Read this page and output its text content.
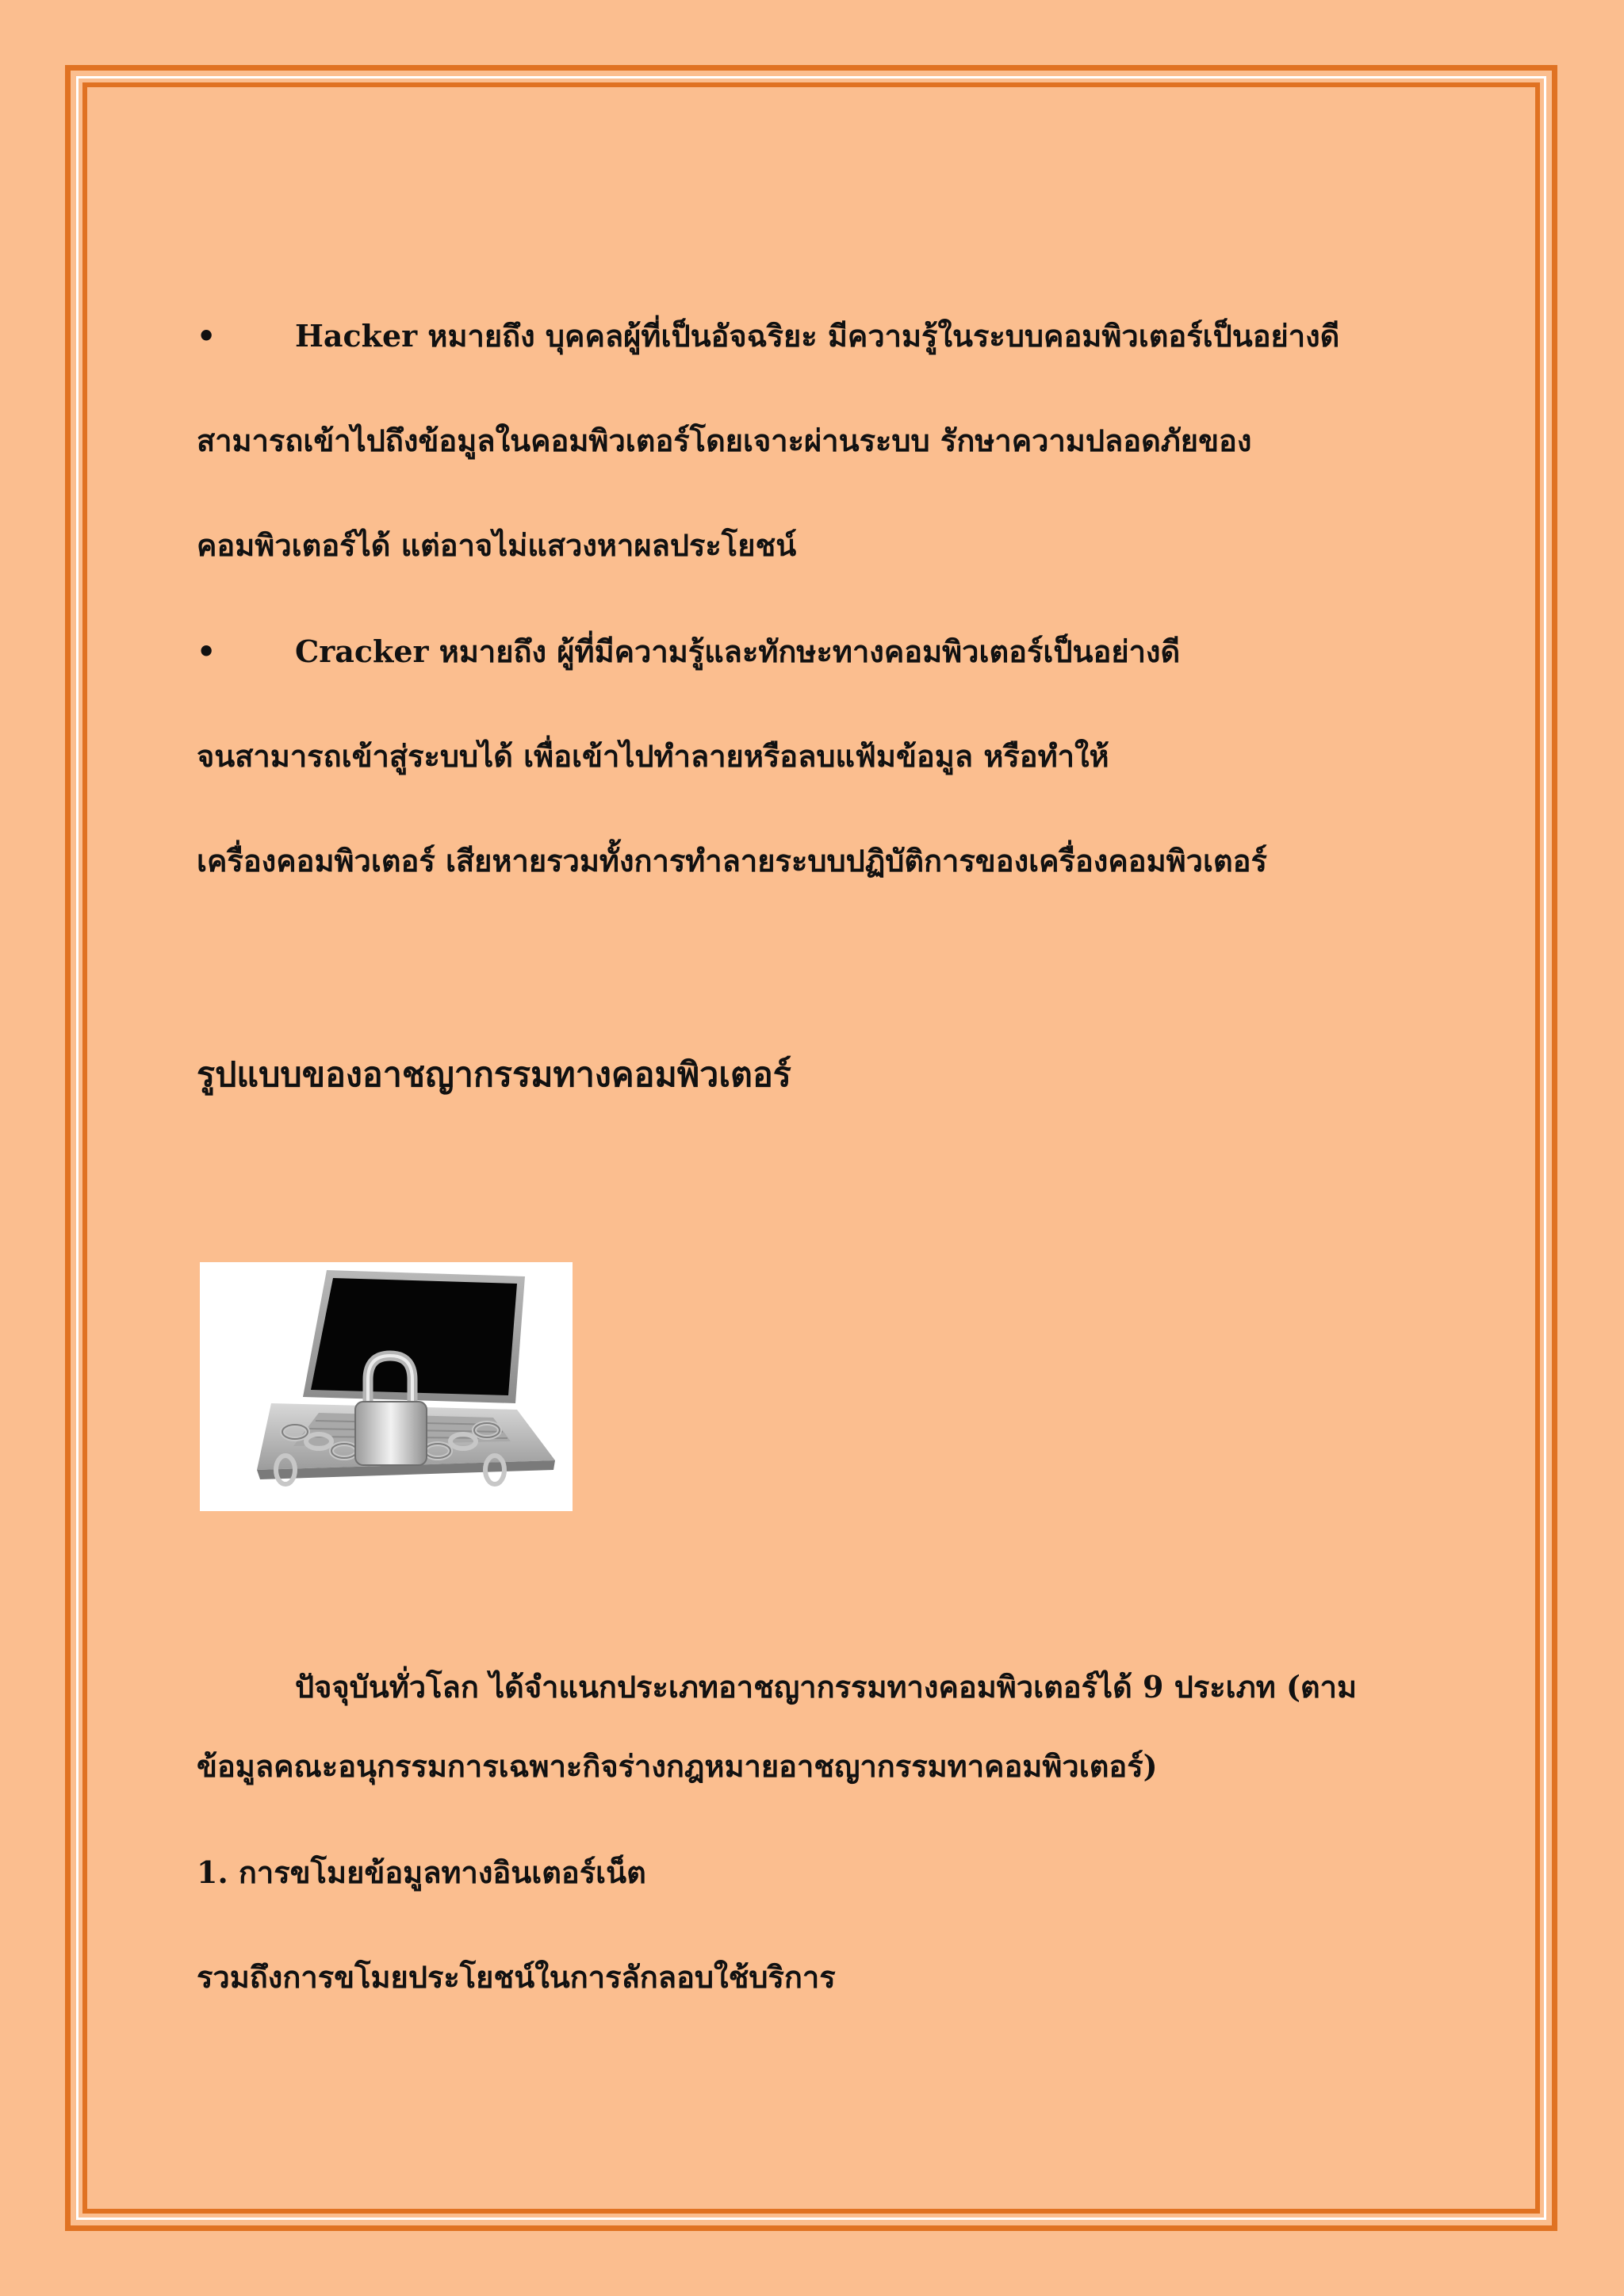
•	Hacker หมายถึง บุคคลผู้ที่เป็นอัจฉริยะ มีความรู้ในระบบคอมพิวเตอร์เป็นอย่างดี

สามารถเข้าไปถึงข้อมูลในคอมพิวเตอร์โดยเจาะผ่านระบบ รักษาความปลอดภัยของ

คอมพิวเตอร์ได้ แต่อาจไม่แสวงหาผลประโยชน์

•	Cracker หมายถึง ผู้ที่มีความรู้และทักษะทางคอมพิวเตอร์เป็นอย่างดี

จนสามารถเข้าสู่ระบบได้ เพื่อเข้าไปทำลายหรือลบแฟ้มข้อมูล หรือทำให้

เครื่องคอมพิวเตอร์ เสียหายรวมทั้งการทำลายระบบปฏิบัติการของเครื่องคอมพิวเตอร์

รูปแบบของอาชญากรรมทางคอมพิวเตอร์

ปัจจุบันทั่วโลก ได้จำแนกประเภทอาชญากรรมทางคอมพิวเตอร์ได้ 9 ประเภท (ตาม

ข้อมูลคณะอนุกรรมการเฉพาะกิจร่างกฎหมายอาชญากรรมทาคอมพิวเตอร์)

1. การขโมยข้อมูลทางอินเตอร์เน็ต

รวมถึงการขโมยประโยชน์ในการลักลอบใช้บริการ
